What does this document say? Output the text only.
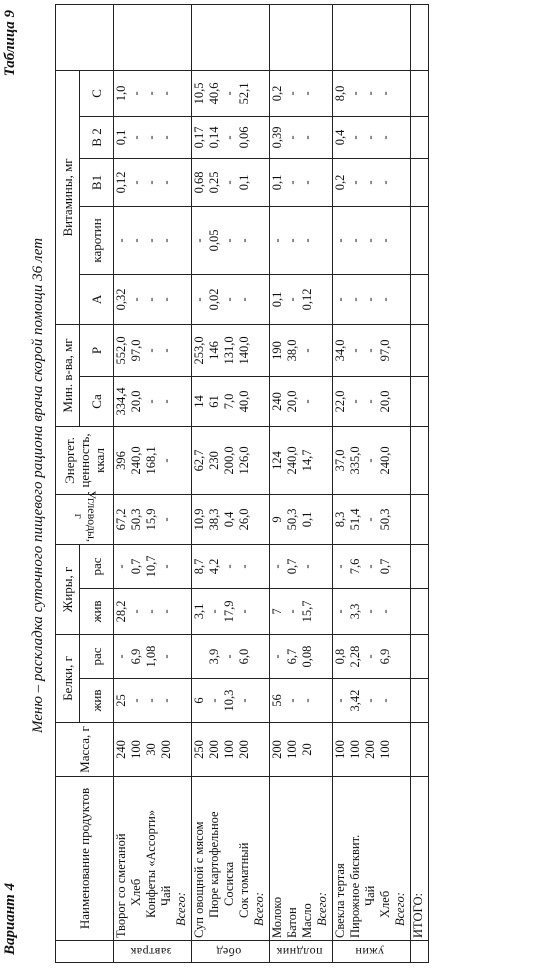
Вариант 4
Таблица 9
Меню – раскладка суточного пищевого рациона врача скорой помощи 36 лет
	Наименование продуктов	Масса, г	Белки, г		Жиры, г		Углеводы, г	Энергет. ценность, ккал	Мин. в-ва, мг		Витамины, мг					
			жив	рас	жив	рас			Са	Р	А	каротин	В1	В 2	С	
завтрак	Творог со сметаной	240	25	-	28,2	-	67,2	396	334,4	552,0	0,32	-	0,12	0,1	1,0	
	Хлеб	100	-	6,9	-	0,7	50,3	240,0	20,0	97,0	-	-	-	-	-	
	Конфеты «Ассорти»	30	-	1,08	-	10,7	15,9	168,1	-	-	-	-	-	-	-	
	Чай	200	-	-	-	-	-	-	-	-	-	-	-	-	-	
	Всего:															
обед	Суп овощной с мясом	250	6		3,1	8,7	10,9	62,7	14	253,0	-	-	0,68	0,17	10,5	
	Пюре картофельное	200	-	3,9	-	4,2	38,3	230	61	146	0,02	0,05	0,25	0,14	40,6	
	Сосиска	100	10,3	-	17,9	-	0,4	200,0	7,0	131,0	-	-	-	-	-	
	Сок томатный	200	-	6,0	-	-	26,0	126,0	40,0	140,0	-	-	0,1	0,06	52,1	
	Всего:															
полдник	Молоко	200	56	-	7	-	9	124	240	190	0,1	-	0,1	0,39	0,2	
	Батон	100	-	6,7	-	0,7	50,3	240,0	20,0	38,0	-	-	-	-	-	
	Масло	20	-	0,08	15,7	-	0,1	14,7	-	-	0,12	-	-	-	-	
	Всего:															
ужин	Свекла тертая	100	-	0,8	-	-	8,3	37,0	22,0	34,0	-	-	0,2	0,4	8,0	
	Пирожное бисквит.	100	3,42	2,28	3,3	7,6	51,4	335,0	-	-	-	-	-	-	-	
	Чай	200	-	-	-	-	-	-	-	-	-	-	-	-	-	
	Хлеб	100	-	6,9	-	0,7	50,3	240,0	20,0	97,0	-	-	-	-	-	
	Всего:															
	ИТОГО:															
